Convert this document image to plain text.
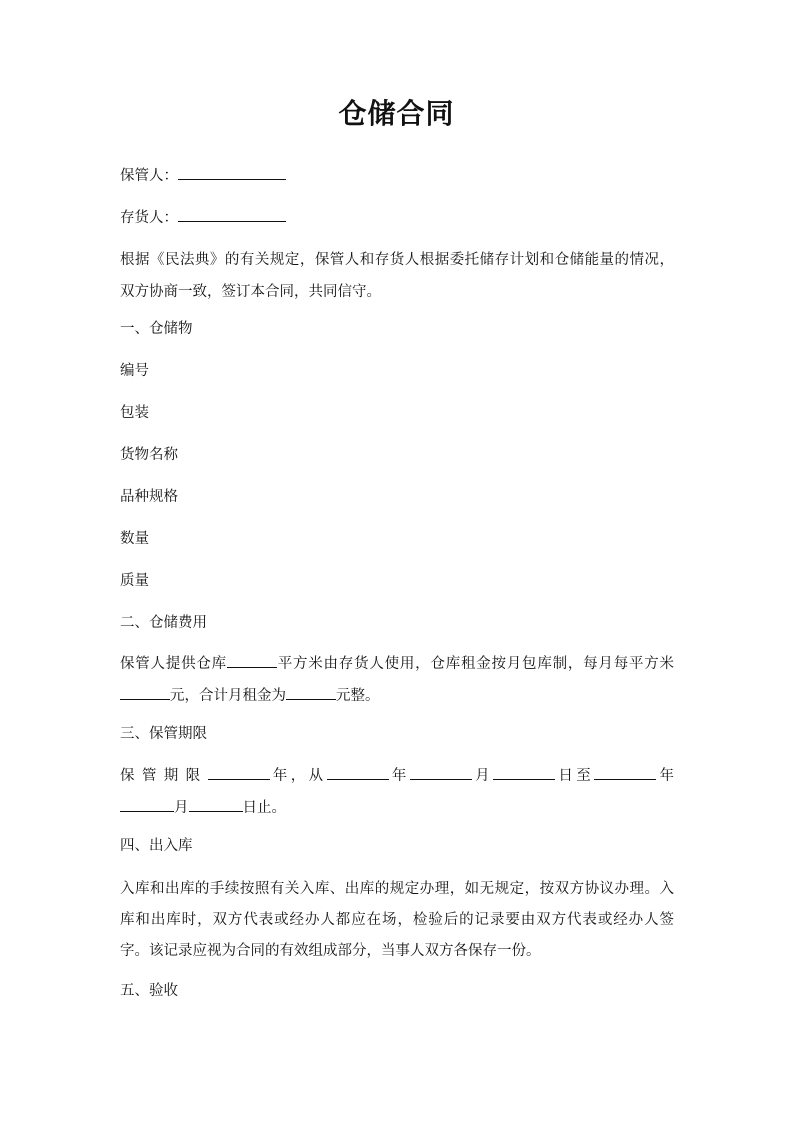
仓储合同
保管人：
存货人：
根据《民法典》的有关规定，保管人和存货人根据委托储存计划和仓储能量的情况，
双方协商一致，签订本合同，共同信守。
一、仓储物
编号
包装
货物名称
品种规格
数量
质量
二、仓储费用
保管人提供仓库	平方米由存货人使用，仓库租金按月包库制，每月每平方米
元，合计月租金为	元整。
三、保管期限
保管期限	年，从	年	月	日至	年
月	日止。
四、出入库
入库和出库的手续按照有关入库、出库的规定办理，如无规定，按双方协议办理。入
库和出库时，双方代表或经办人都应在场，检验后的记录要由双方代表或经办人签
字。该记录应视为合同的有效组成部分，当事人双方各保存一份。
五、验收
